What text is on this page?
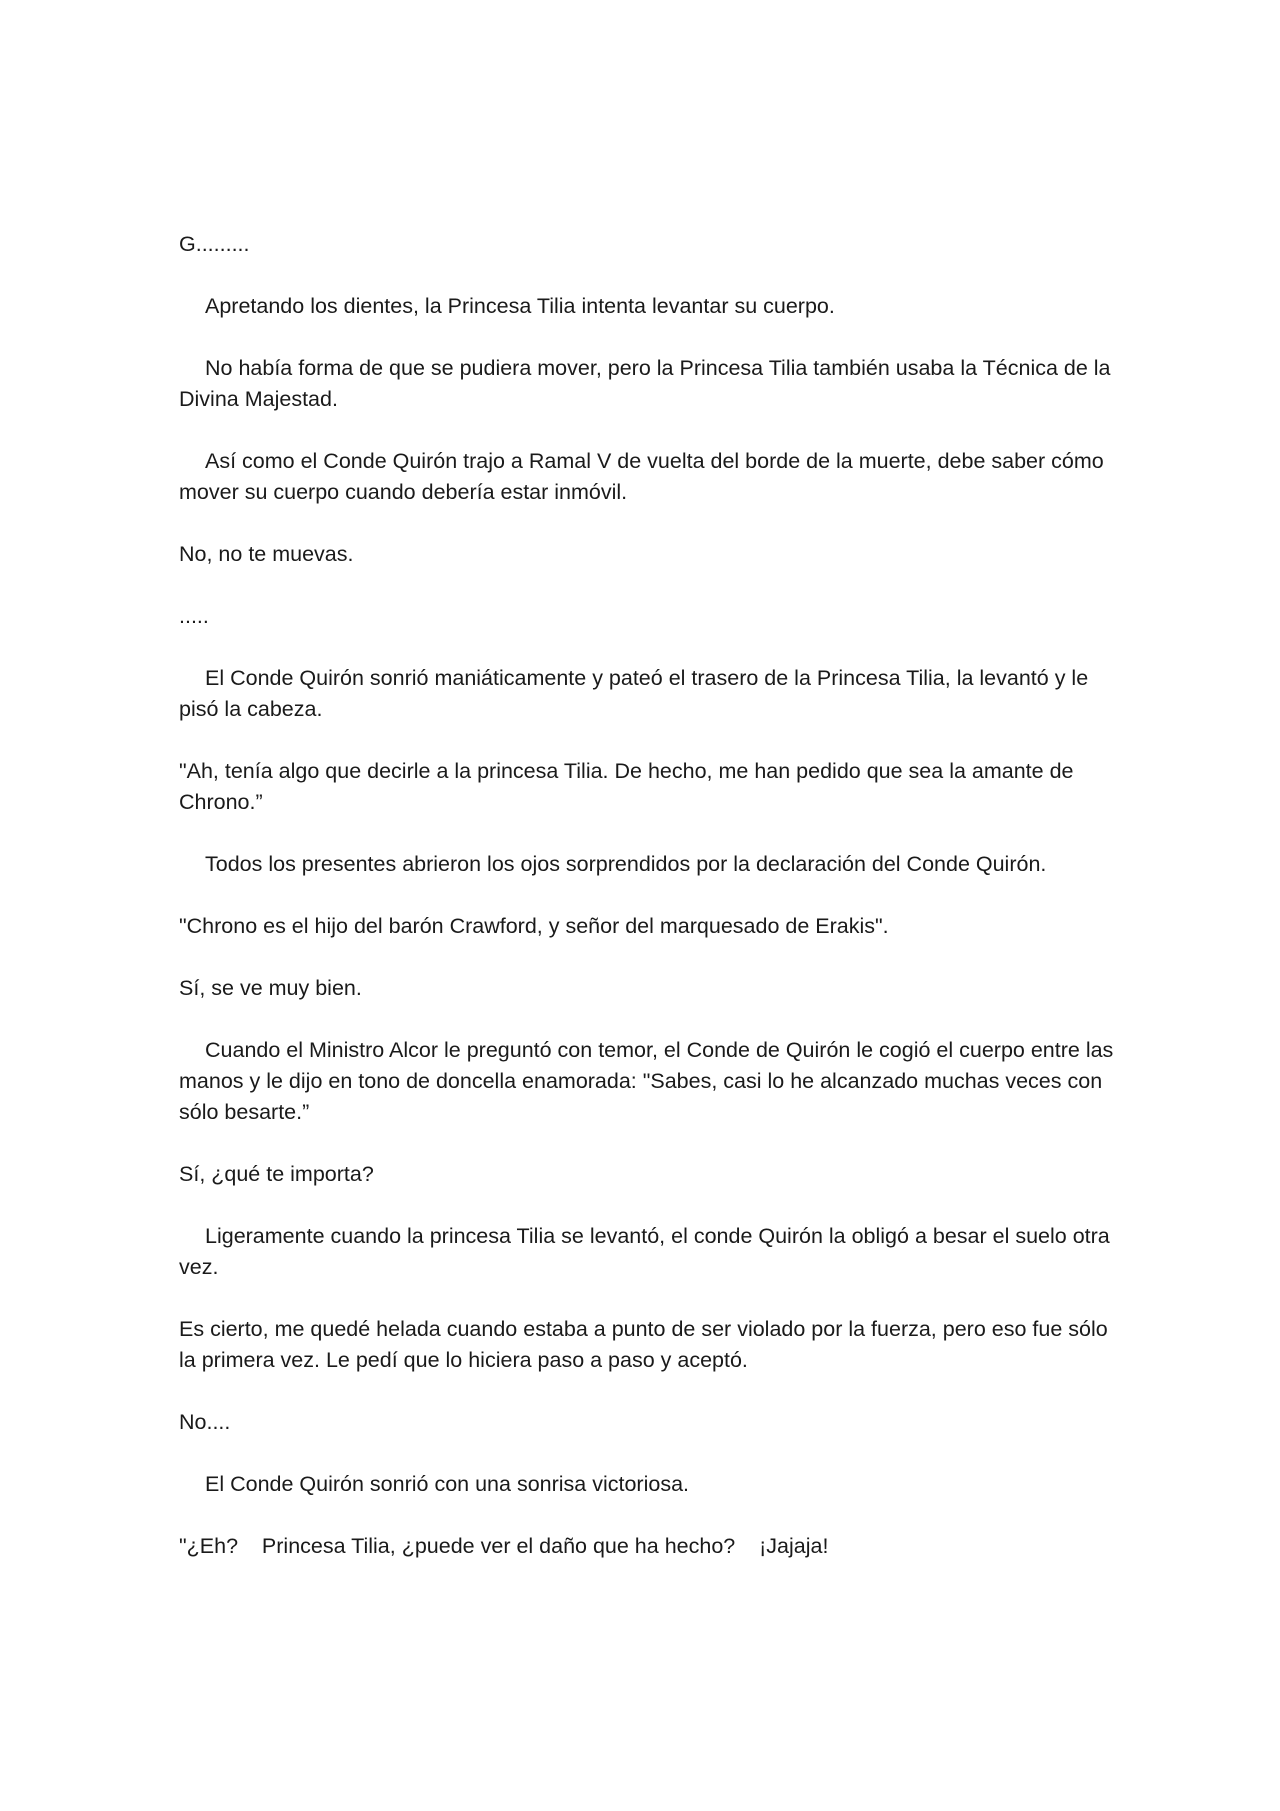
G.........

Apretando los dientes, la Princesa Tilia intenta levantar su cuerpo.

No había forma de que se pudiera mover, pero la Princesa Tilia también usaba la Técnica de la Divina Majestad.

Así como el Conde Quirón trajo a Ramal V de vuelta del borde de la muerte, debe saber cómo mover su cuerpo cuando debería estar inmóvil.

No, no te muevas.

.....

El Conde Quirón sonrió maniáticamente y pateó el trasero de la Princesa Tilia, la levantó y le pisó la cabeza.

"Ah, tenía algo que decirle a la princesa Tilia. De hecho, me han pedido que sea la amante de Chrono.”

Todos los presentes abrieron los ojos sorprendidos por la declaración del Conde Quirón.

"Chrono es el hijo del barón Crawford, y señor del marquesado de Erakis".

Sí, se ve muy bien.

Cuando el Ministro Alcor le preguntó con temor, el Conde de Quirón le cogió el cuerpo entre las manos y le dijo en tono de doncella enamorada: "Sabes, casi lo he alcanzado muchas veces con sólo besarte.”

Sí, ¿qué te importa?

Ligeramente cuando la princesa Tilia se levantó, el conde Quirón la obligó a besar el suelo otra vez.

Es cierto, me quedé helada cuando estaba a punto de ser violado por la fuerza, pero eso fue sólo la primera vez. Le pedí que lo hiciera paso a paso y aceptó.

No....

El Conde Quirón sonrió con una sonrisa victoriosa.

"¿Eh?    Princesa Tilia, ¿puede ver el daño que ha hecho?    ¡Jajaja!
